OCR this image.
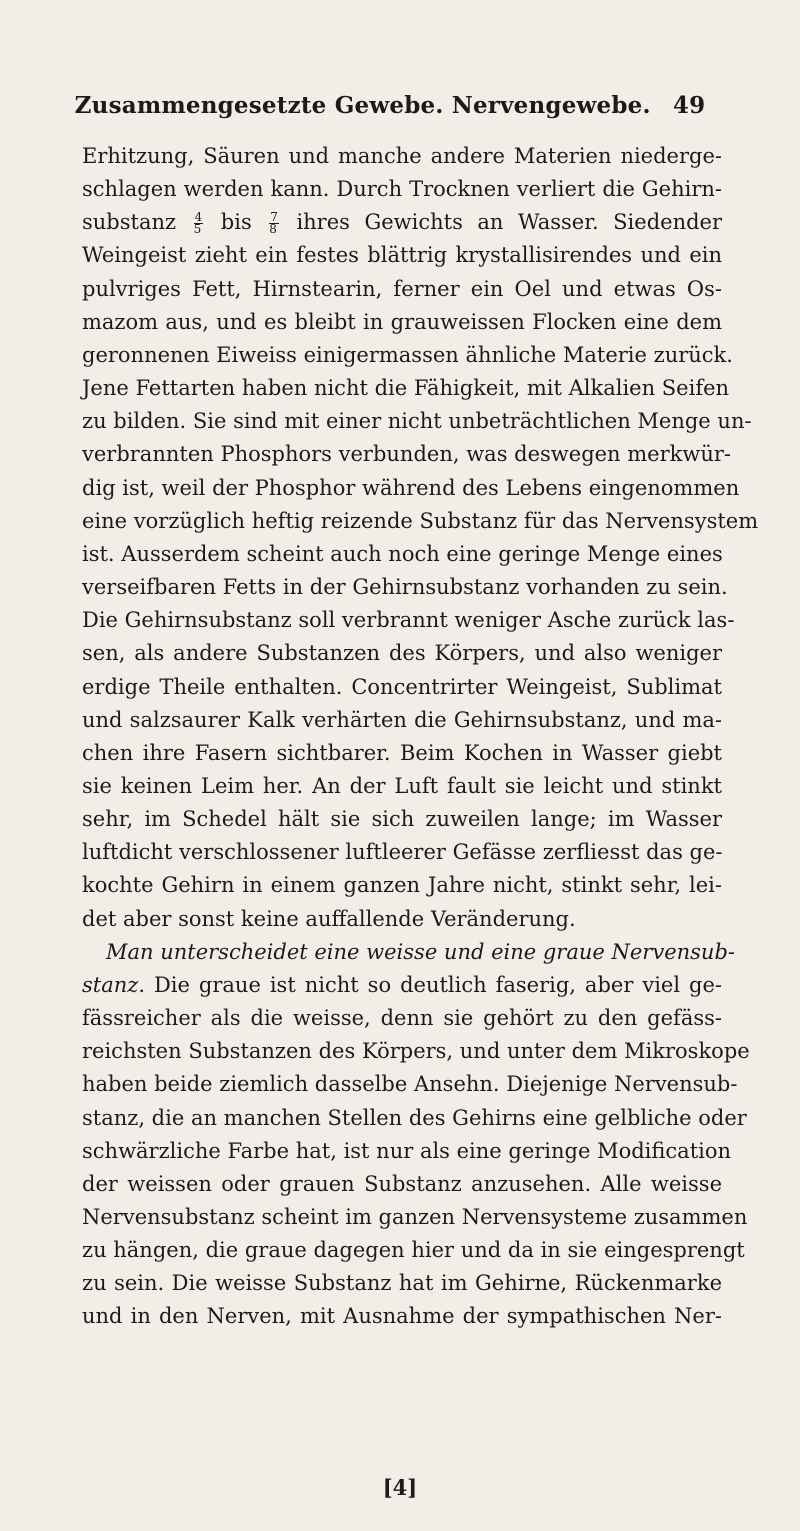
Zusammengesetzte Gewebe. Nervengewebe. 49
Erhitzung, Säuren und manche andere Materien niederge-
schlagen werden kann. Durch Trocknen verliert die Gehirn-
substanz $\frac{4}{5}$ bis $\frac{7}{8}$ ihres Gewichts an Wasser. Siedender
Weingeist zieht ein festes blättrig krystallisirendes und ein
pulvriges Fett, Hirnstearin, ferner ein Oel und etwas Os-
mazom aus, und es bleibt in grauweissen Flocken eine dem
geronnenen Eiweiss einigermassen ähnliche Materie zurück.
Jene Fettarten haben nicht die Fähigkeit, mit Alkalien Seifen
zu bilden. Sie sind mit einer nicht unbeträchtlichen Menge un-
verbrannten Phosphors verbunden, was deswegen merkwür-
dig ist, weil der Phosphor während des Lebens eingenommen
eine vorzüglich heftig reizende Substanz für das Nervensystem
ist. Ausserdem scheint auch noch eine geringe Menge eines
verseifbaren Fetts in der Gehirnsubstanz vorhanden zu sein.
Die Gehirnsubstanz soll verbrannt weniger Asche zurück las-
sen, als andere Substanzen des Körpers, und also weniger
erdige Theile enthalten. Concentrirter Weingeist, Sublimat
und salzsaurer Kalk verhärten die Gehirnsubstanz, und ma-
chen ihre Fasern sichtbarer. Beim Kochen in Wasser giebt
sie keinen Leim her. An der Luft fault sie leicht und stinkt
sehr, im Schedel hält sie sich zuweilen lange; im Wasser
luftdicht verschlossener luftleerer Gefässe zerfliesst das ge-
kochte Gehirn in einem ganzen Jahre nicht, stinkt sehr, lei-
det aber sonst keine auffallende Veränderung.
Man unterscheidet eine weisse und eine graue Nervensub-
stanz. Die graue ist nicht so deutlich faserig, aber viel ge-
fässreicher als die weisse, denn sie gehört zu den gefäss-
reichsten Substanzen des Körpers, und unter dem Mikroskope
haben beide ziemlich dasselbe Ansehn. Diejenige Nervensub-
stanz, die an manchen Stellen des Gehirns eine gelbliche oder
schwärzliche Farbe hat, ist nur als eine geringe Modification
der weissen oder grauen Substanz anzusehen. Alle weisse
Nervensubstanz scheint im ganzen Nervensysteme zusammen
zu hängen, die graue dagegen hier und da in sie eingesprengt
zu sein. Die weisse Substanz hat im Gehirne, Rückenmarke
und in den Nerven, mit Ausnahme der sympathischen Ner-
[4]
